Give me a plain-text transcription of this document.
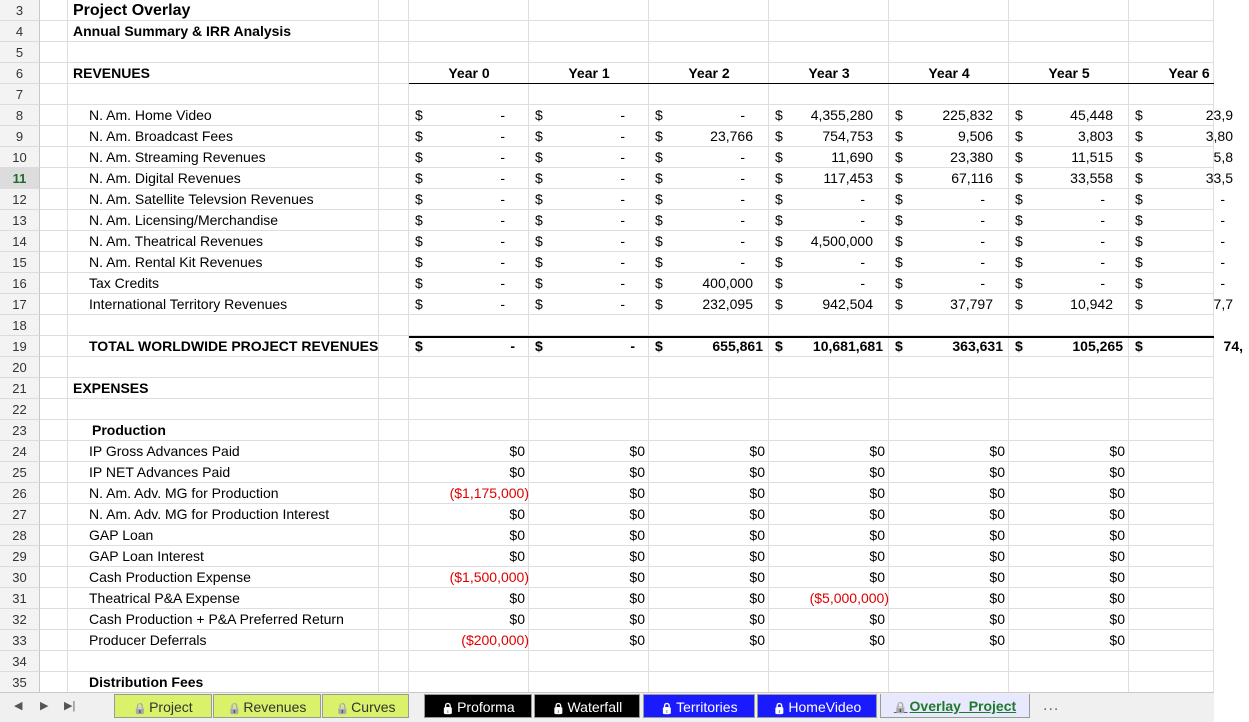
3	Project Overlay
4	Annual Summary & IRR Analysis
5
6	REVENUES	Year 0	Year 1	Year 2	Year 3	Year 4	Year 5	Year 6
7
8	N. Am. Home Video	$	-	$	-	$	-	$	4,355,280 $	225,832 $	45,448 $	23,9
9	N. Am. Broadcast Fees	$	-	$	-	$	23,766 $	754,753 $	9,506 $	3,803 $	3,80
10	N. Am. Streaming Revenues	$	-	$	-	$	-	$	11,690 $	23,380 $	11,515 $	5,8
11	N. Am. Digital Revenues	$	-	$	-	$	-	$	117,453 $	67,116 $	33,558 $	33,5
12	N. Am. Satellite Televsion Revenues	$	-	$	-	$	-	$	-	$	-	$	-	$	-
13	N. Am. Licensing/Merchandise	$	-	$	-	$	-	$	-	$	-	$	-	$	-
14	N. Am. Theatrical Revenues	$	-	$	-	$	-	$	4,500,000 $	-	$	-	$	-
15	N. Am. Rental Kit Revenues	$	-	$	-	$	-	$	-	$	-	$	-	$	-
16	Tax Credits	$	-	$	-	$	400,000 $	-	$	-	$	-	$	-
17	International Territory Revenues	$	-	$	-	$	232,095 $	942,504 $	37,797 $	10,942 $	7,7
18
19	TOTAL WORLDWIDE PROJECT REVENUES	$	-	$	-	$	655,861 $	10,681,681 $	363,631 $	105,265 $	74,
20
21	EXPENSES
22
23	Production
24	IP Gross Advances Paid	$0	$0	$0	$0	$0	$0
25	IP NET Advances Paid	$0	$0	$0	$0	$0	$0
26	N. Am. Adv. MG for Production	($1,175,000)	$0	$0	$0	$0	$0
27	N. Am. Adv. MG for Production Interest	$0	$0	$0	$0	$0	$0
28	GAP Loan	$0	$0	$0	$0	$0	$0
29	GAP Loan Interest	$0	$0	$0	$0	$0	$0
30	Cash Production Expense	($1,500,000)	$0	$0	$0	$0	$0
31	Theatrical P&A Expense	$0	$0	$0	($5,000,000)	$0	$0
32	Cash Production + P&A Preferred Return	$0	$0	$0	$0	$0	$0
33	Producer Deferrals	($200,000)	$0	$0	$0	$0	$0
34
35	Distribution Fees
◀ ▶ ▶|	🔒 Project	🔒 Revenues	🔒 Curves	🔒 Proforma	🔒 Waterfall	🔒 Territories	🔒 HomeVideo	🔒 Overlay_Project	...
